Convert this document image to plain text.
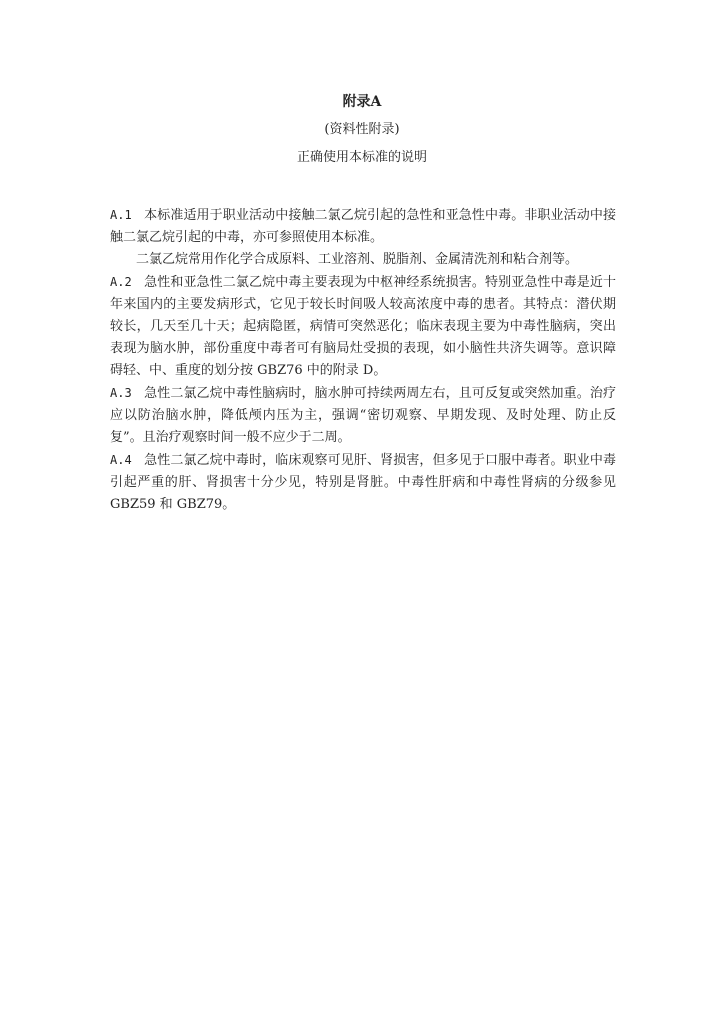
附录A
(资料性附录)
正确使用本标准的说明

A.1 本标准适用于职业活动中接触二氯乙烷引起的急性和亚急性中毒。非职业活动中接触二氯乙烷引起的中毒，亦可参照使用本标准。

二氯乙烷常用作化学合成原料、工业溶剂、脱脂剂、金属清洗剂和粘合剂等。

A.2 急性和亚急性二氯乙烷中毒主要表现为中枢神经系统损害。特别亚急性中毒是近十年来国内的主要发病形式，它见于较长时间吸人较高浓度中毒的患者。其特点：潜伏期较长，几天至几十天；起病隐匿，病情可突然恶化；临床表现主要为中毒性脑病，突出表现为脑水肿，部份重度中毒者可有脑局灶受损的表现，如小脑性共济失调等。意识障碍轻、中、重度的划分按 GBZ76 中的附录 D。

A.3 急性二氯乙烷中毒性脑病时，脑水肿可持续两周左右，且可反复或突然加重。治疗应以防治脑水肿，降低颅内压为主，强调“密切观察、早期发现、及时处理、防止反复”。且治疗观察时间一般不应少于二周。

A.4 急性二氯乙烷中毒时，临床观察可见肝、肾损害，但多见于口服中毒者。职业中毒引起严重的肝、肾损害十分少见，特别是肾脏。中毒性肝病和中毒性肾病的分级参见 GBZ59 和 GBZ79。
